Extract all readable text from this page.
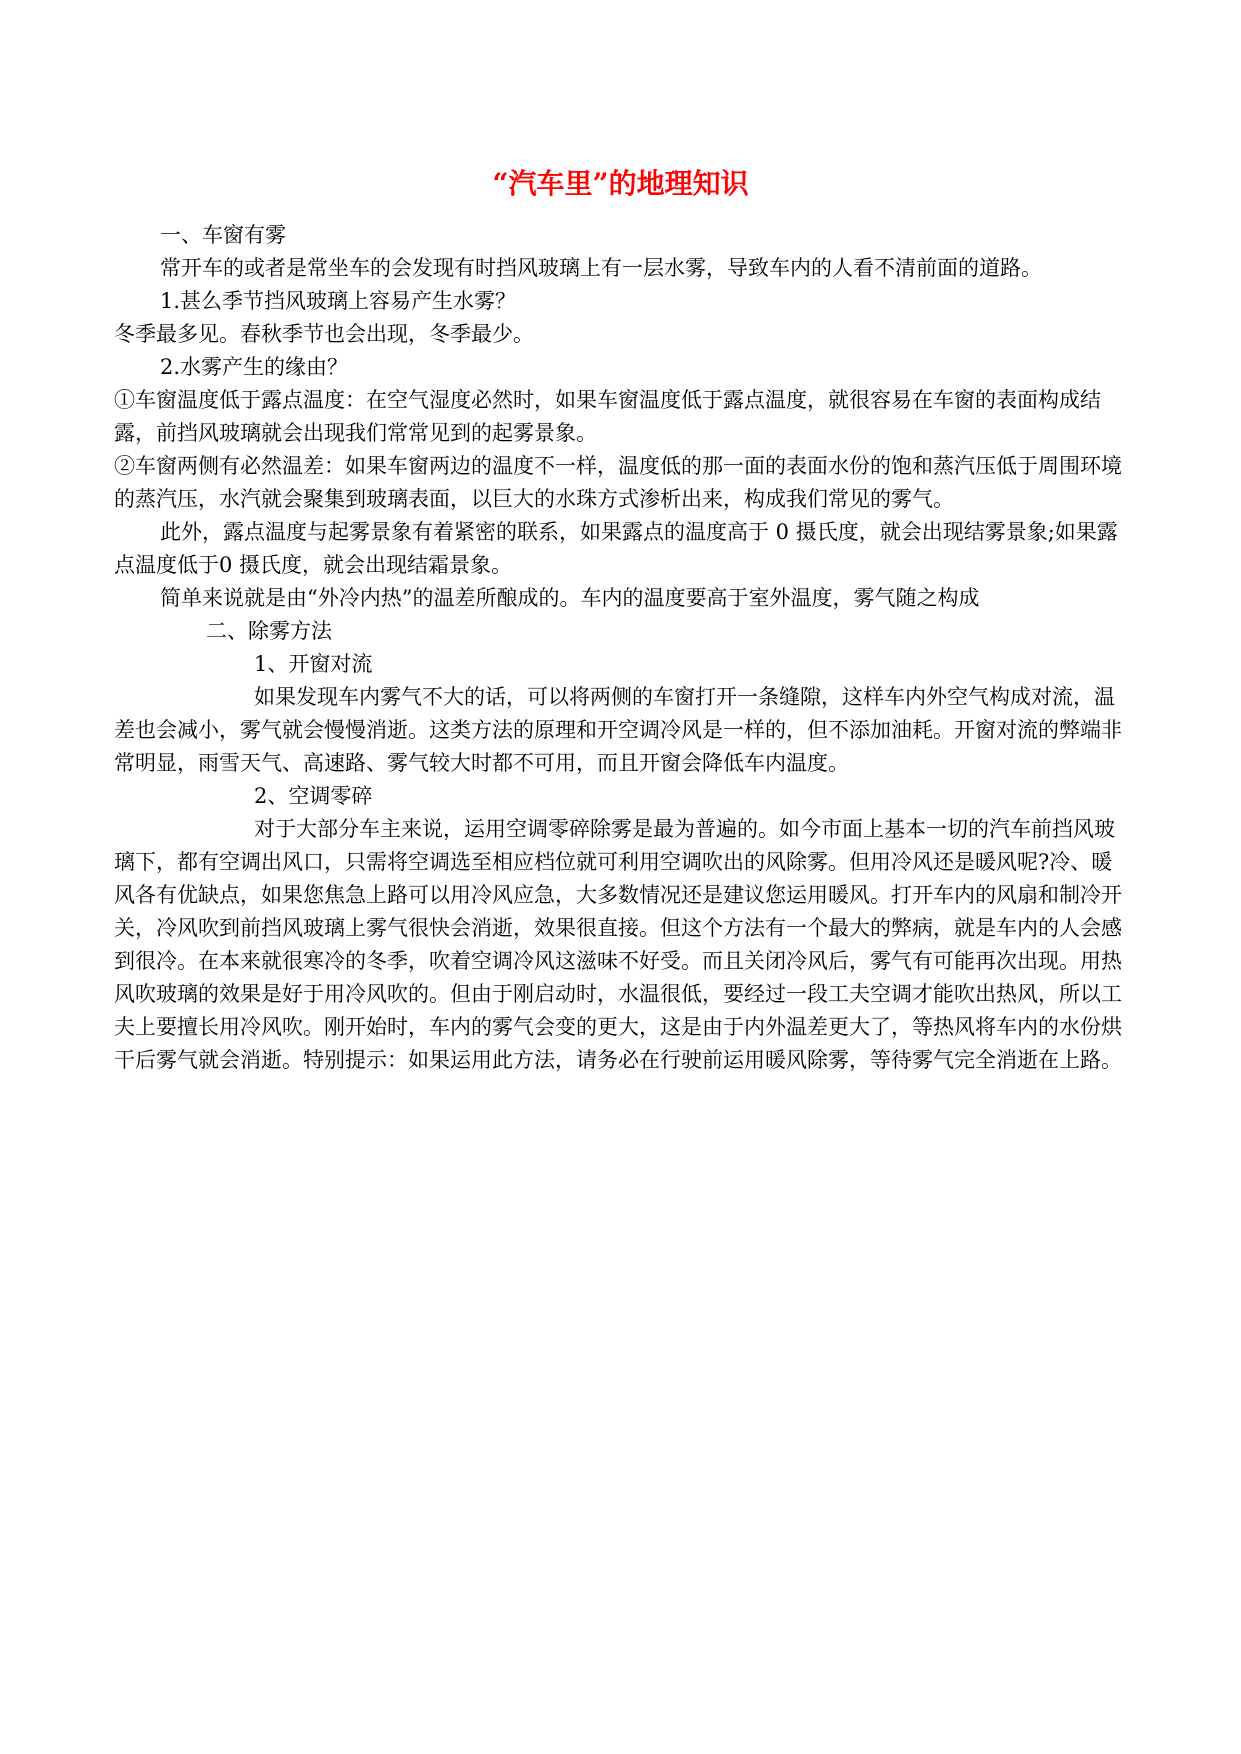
“汽车里”的地理知识

一、车窗有雾

常开车的或者是常坐车的会发现有时挡风玻璃上有一层水雾，导致车内的人看不清前面的道路。

1.甚么季节挡风玻璃上容易产生水雾？

冬季最多见。春秋季节也会出现，冬季最少。

2.水雾产生的缘由？

①车窗温度低于露点温度：在空气湿度必然时，如果车窗温度低于露点温度，就很容易在车窗的表面构成结露，前挡风玻璃就会出现我们常常见到的起雾景象。

②车窗两侧有必然温差：如果车窗两边的温度不一样，温度低的那一面的表面水份的饱和蒸汽压低于周围环境的蒸汽压，水汽就会聚集到玻璃表面，以巨大的水珠方式渗析出来，构成我们常见的雾气。

此外，露点温度与起雾景象有着紧密的联系，如果露点的温度高于 0 摄氏度，就会出现结雾景象;如果露点温度低于0 摄氏度，就会出现结霜景象。

简单来说就是由“外冷内热”的温差所酿成的。车内的温度要高于室外温度，雾气随之构成

二、除雾方法

1、开窗对流

如果发现车内雾气不大的话，可以将两侧的车窗打开一条缝隙，这样车内外空气构成对流，温差也会减小，雾气就会慢慢消逝。这类方法的原理和开空调冷风是一样的，但不添加油耗。开窗对流的弊端非常明显，雨雪天气、高速路、雾气较大时都不可用，而且开窗会降低车内温度。

2、空调零碎

对于大部分车主来说，运用空调零碎除雾是最为普遍的。如今市面上基本一切的汽车前挡风玻璃下，都有空调出风口，只需将空调选至相应档位就可利用空调吹出的风除雾。但用冷风还是暖风呢?冷、暖风各有优缺点，如果您焦急上路可以用冷风应急，大多数情况还是建议您运用暖风。打开车内的风扇和制冷开关，冷风吹到前挡风玻璃上雾气很快会消逝，效果很直接。但这个方法有一个最大的弊病，就是车内的人会感到很冷。在本来就很寒冷的冬季，吹着空调冷风这滋味不好受。而且关闭冷风后，雾气有可能再次出现。用热风吹玻璃的效果是好于用冷风吹的。但由于刚启动时，水温很低，要经过一段工夫空调才能吹出热风，所以工夫上要擅长用冷风吹。刚开始时，车内的雾气会变的更大，这是由于内外温差更大了，等热风将车内的水份烘干后雾气就会消逝。特别提示：如果运用此方法，请务必在行驶前运用暖风除雾，等待雾气完全消逝在上路。
